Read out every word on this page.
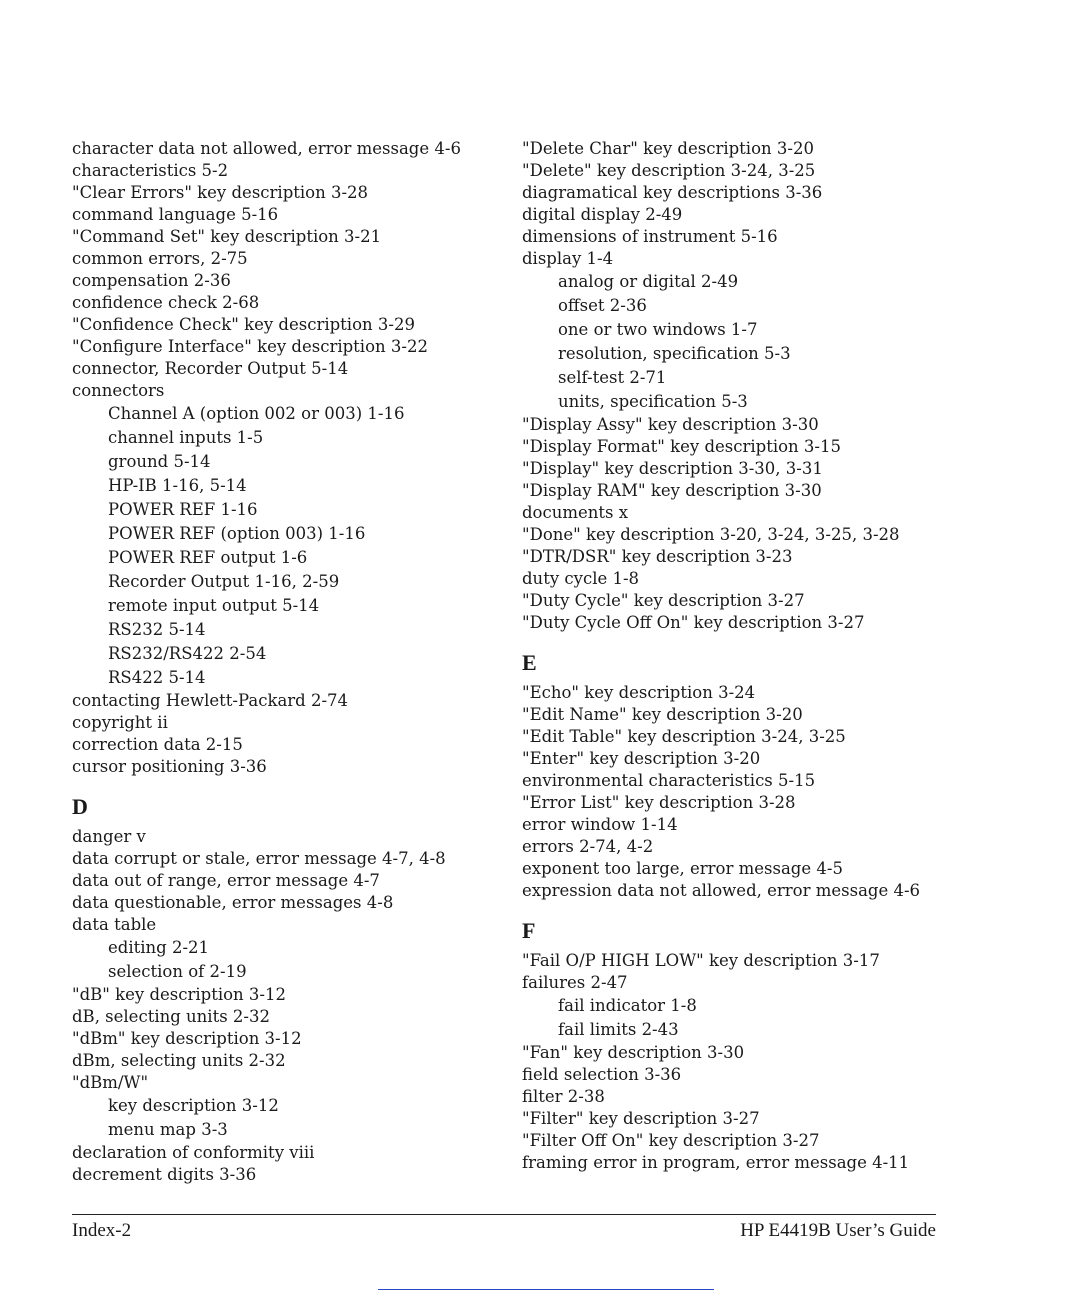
character data not allowed, error message 4-6
characteristics 5-2
"Clear Errors" key description 3-28
command language 5-16
"Command Set" key description 3-21
common errors, 2-75
compensation 2-36
confidence check 2-68
"Confidence Check" key description 3-29
"Configure Interface" key description 3-22
connector, Recorder Output 5-14
connectors
Channel A (option 002 or 003) 1-16
channel inputs 1-5
ground 5-14
HP-IB 1-16, 5-14
POWER REF 1-16
POWER REF (option 003) 1-16
POWER REF output 1-6
Recorder Output 1-16, 2-59
remote input output 5-14
RS232 5-14
RS232/RS422 2-54
RS422 5-14
contacting Hewlett-Packard 2-74
copyright ii
correction data 2-15
cursor positioning 3-36
D
danger v
data corrupt or stale, error message 4-7, 4-8
data out of range, error message 4-7
data questionable, error messages 4-8
data table
editing 2-21
selection of 2-19
"dB" key description 3-12
dB, selecting units 2-32
"dBm" key description 3-12
dBm, selecting units 2-32
"dBm/W"
key description 3-12
menu map 3-3
declaration of conformity viii
decrement digits 3-36
"Delete Char" key description 3-20
"Delete" key description 3-24, 3-25
diagramatical key descriptions 3-36
digital display 2-49
dimensions of instrument 5-16
display 1-4
analog or digital 2-49
offset 2-36
one or two windows 1-7
resolution, specification 5-3
self-test 2-71
units, specification 5-3
"Display Assy" key description 3-30
"Display Format" key description 3-15
"Display" key description 3-30, 3-31
"Display RAM" key description 3-30
documents x
"Done" key description 3-20, 3-24, 3-25, 3-28
"DTR/DSR" key description 3-23
duty cycle 1-8
"Duty Cycle" key description 3-27
"Duty Cycle Off On" key description 3-27
E
"Echo" key description 3-24
"Edit Name" key description 3-20
"Edit Table" key description 3-24, 3-25
"Enter" key description 3-20
environmental characteristics 5-15
"Error List" key description 3-28
error window 1-14
errors 2-74, 4-2
exponent too large, error message 4-5
expression data not allowed, error message 4-6
F
"Fail O/P HIGH LOW" key description 3-17
failures 2-47
fail indicator 1-8
fail limits 2-43
"Fan" key description 3-30
field selection 3-36
filter 2-38
"Filter" key description 3-27
"Filter Off On" key description 3-27
framing error in program, error message 4-11
Index-2	HP E4419B User’s Guide
